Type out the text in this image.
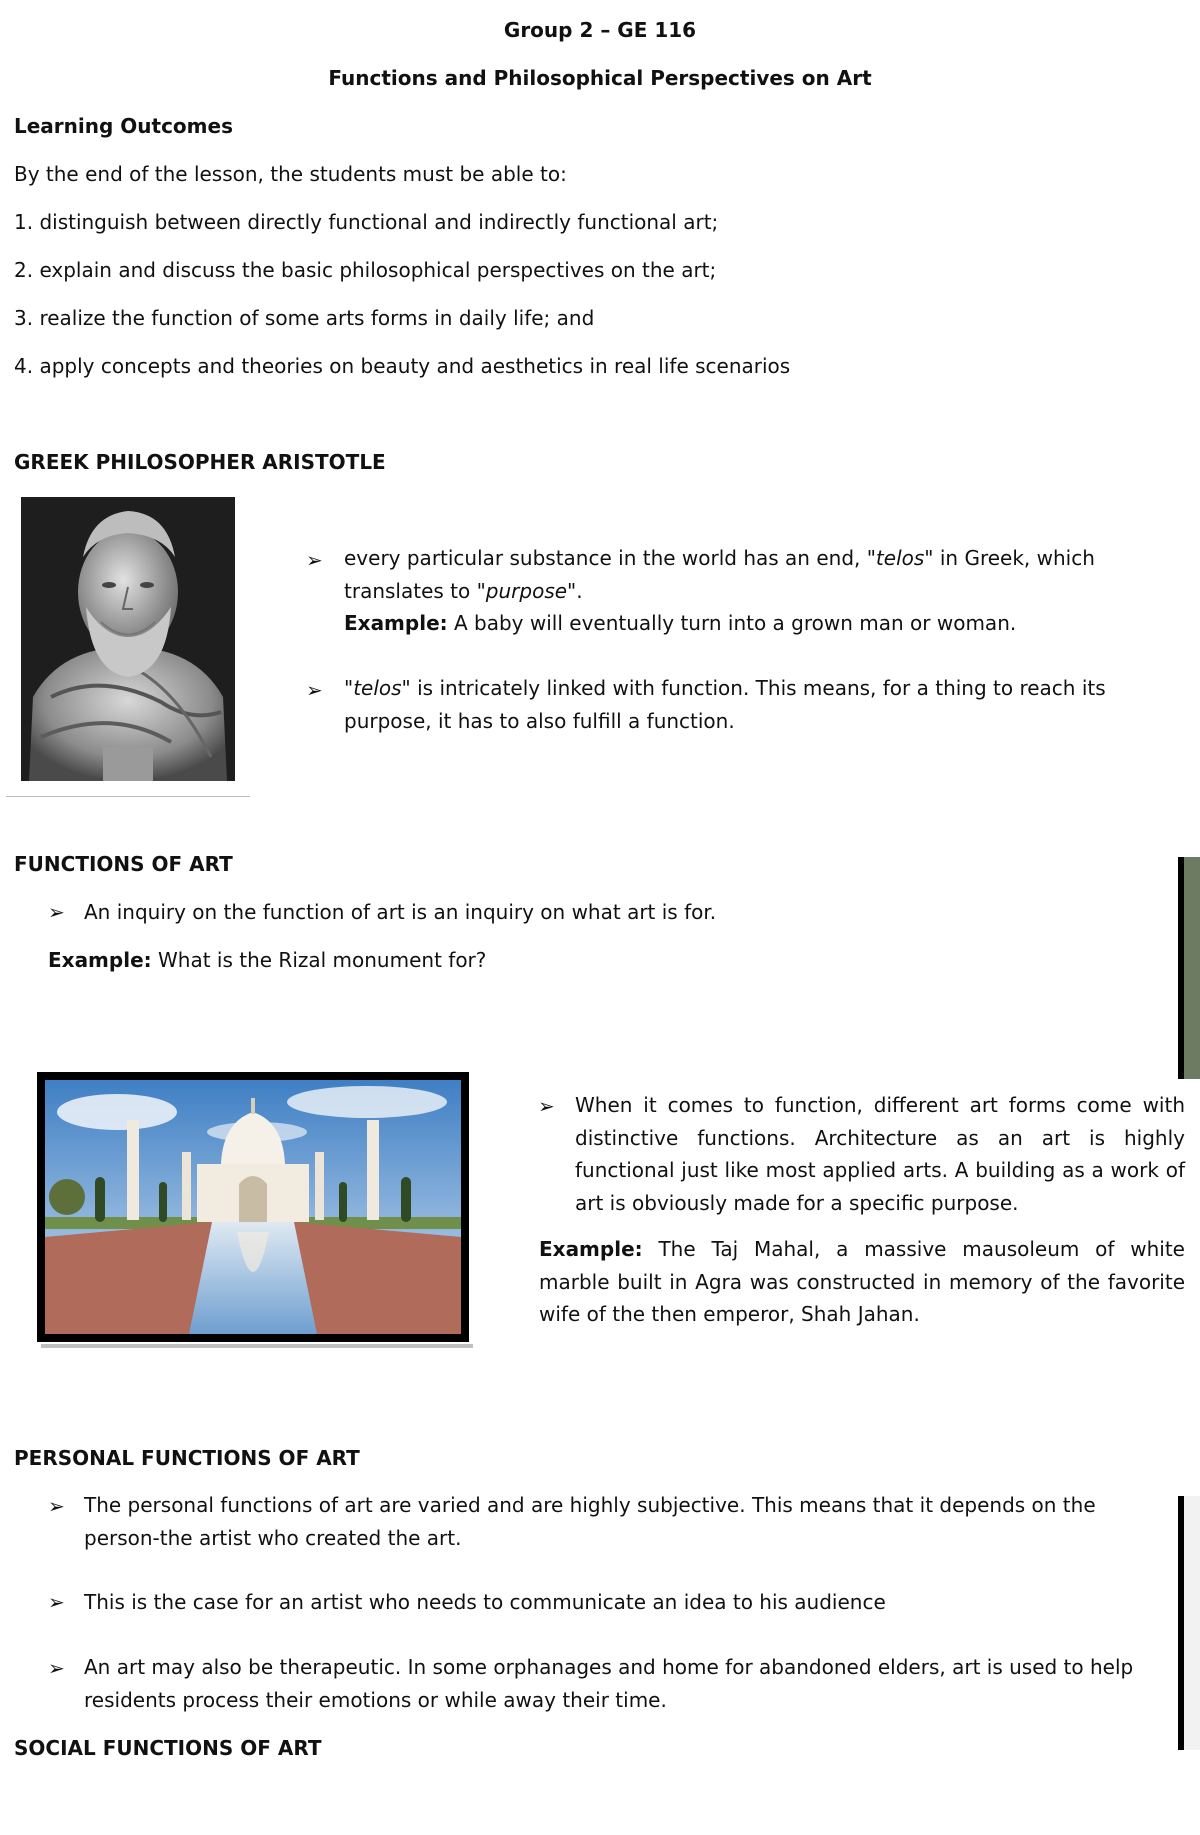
Group 2 – GE 116
Functions and Philosophical Perspectives on Art
Learning Outcomes
By the end of the lesson, the students must be able to:
1. distinguish between directly functional and indirectly functional art;
2. explain and discuss the basic philosophical perspectives on the art;
3. realize the function of some arts forms in daily life; and
4. apply concepts and theories on beauty and aesthetics in real life scenarios
GREEK PHILOSOPHER ARISTOTLE
➢ every particular substance in the world has an end, "telos" in Greek, which translates to "purpose".
Example: A baby will eventually turn into a grown man or woman.
➢ "telos" is intricately linked with function. This means, for a thing to reach its purpose, it has to also fulfill a function.
FUNCTIONS OF ART
➢ An inquiry on the function of art is an inquiry on what art is for.
Example: What is the Rizal monument for?
➢ When it comes to function, different art forms come with distinctive functions. Architecture as an art is highly functional just like most applied arts. A building as a work of art is obviously made for a specific purpose.
Example: The Taj Mahal, a massive mausoleum of white marble built in Agra was constructed in memory of the favorite wife of the then emperor, Shah Jahan.
PERSONAL FUNCTIONS OF ART
➢ The personal functions of art are varied and are highly subjective. This means that it depends on the person-the artist who created the art.
➢ This is the case for an artist who needs to communicate an idea to his audience
➢ An art may also be therapeutic. In some orphanages and home for abandoned elders, art is used to help residents process their emotions or while away their time.
SOCIAL FUNCTIONS OF ART
